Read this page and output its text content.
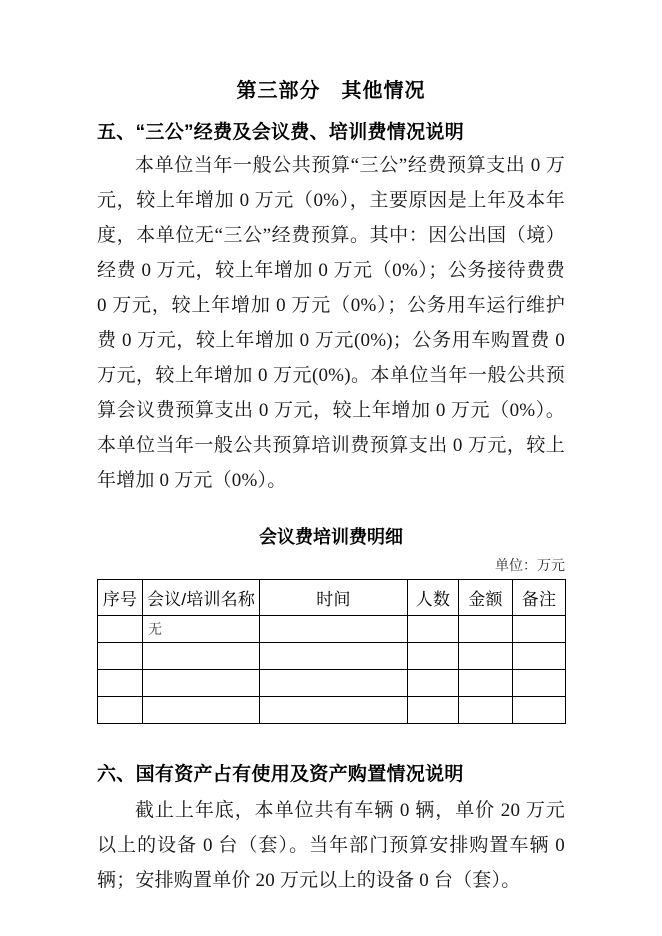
第三部分　其他情况
五、“三公”经费及会议费、培训费情况说明

本单位当年一般公共预算“三公”经费预算支出 0 万元，较上年增加 0 万元（0%），主要原因是上年及本年度，本单位无“三公”经费预算。其中：因公出国（境）经费 0 万元，较上年增加 0 万元（0%）；公务接待费费 0 万元，较上年增加 0 万元（0%）；公务用车运行维护费 0 万元，较上年增加 0 万元(0%)；公务用车购置费 0 万元，较上年增加 0 万元(0%)。本单位当年一般公共预算会议费预算支出 0 万元，较上年增加 0 万元（0%）。本单位当年一般公共预算培训费预算支出 0 万元，较上年增加 0 万元（0%）。

会议费培训费明细

单位：万元

序号	会议/培训名称	时间	人数	金额	备注
	无				

六、国有资产占有使用及资产购置情况说明

截止上年底，本单位共有车辆 0 辆，单价 20 万元以上的设备 0 台（套）。当年部门预算安排购置车辆 0 辆；安排购置单价 20 万元以上的设备 0 台（套）。
